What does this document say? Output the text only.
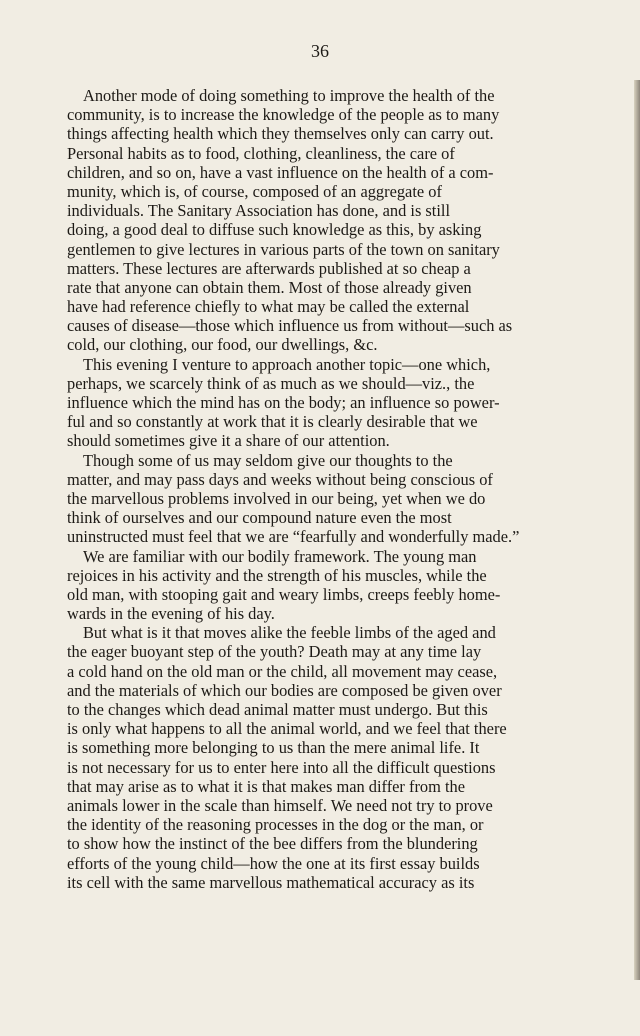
36
Another mode of doing something to improve the health of the
community, is to increase the knowledge of the people as to many
things affecting health which they themselves only can carry out.
Personal habits as to food, clothing, cleanliness, the care of
children, and so on, have a vast influence on the health of a com-
munity, which is, of course, composed of an aggregate of
individuals. The Sanitary Association has done, and is still
doing, a good deal to diffuse such knowledge as this, by asking
gentlemen to give lectures in various parts of the town on sanitary
matters. These lectures are afterwards published at so cheap a
rate that anyone can obtain them. Most of those already given
have had reference chiefly to what may be called the external
causes of disease—those which influence us from without—such as
cold, our clothing, our food, our dwellings, &c.
This evening I venture to approach another topic—one which,
perhaps, we scarcely think of as much as we should—viz., the
influence which the mind has on the body; an influence so power-
ful and so constantly at work that it is clearly desirable that we
should sometimes give it a share of our attention.
Though some of us may seldom give our thoughts to the
matter, and may pass days and weeks without being conscious of
the marvellous problems involved in our being, yet when we do
think of ourselves and our compound nature even the most
uninstructed must feel that we are “fearfully and wonderfully made.”
We are familiar with our bodily framework. The young man
rejoices in his activity and the strength of his muscles, while the
old man, with stooping gait and weary limbs, creeps feebly home-
wards in the evening of his day.
But what is it that moves alike the feeble limbs of the aged and
the eager buoyant step of the youth? Death may at any time lay
a cold hand on the old man or the child, all movement may cease,
and the materials of which our bodies are composed be given over
to the changes which dead animal matter must undergo. But this
is only what happens to all the animal world, and we feel that there
is something more belonging to us than the mere animal life. It
is not necessary for us to enter here into all the difficult questions
that may arise as to what it is that makes man differ from the
animals lower in the scale than himself. We need not try to prove
the identity of the reasoning processes in the dog or the man, or
to show how the instinct of the bee differs from the blundering
efforts of the young child—how the one at its first essay builds
its cell with the same marvellous mathematical accuracy as its
